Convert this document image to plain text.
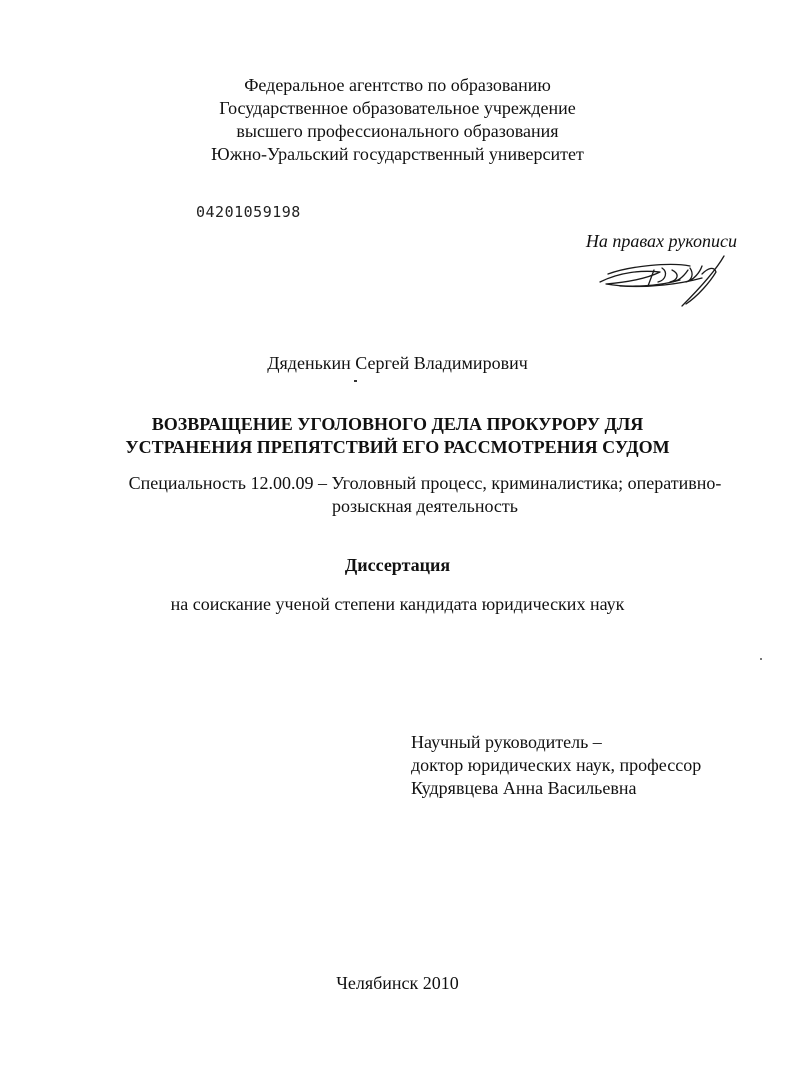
Федеральное агентство по образованию
Государственное образовательное учреждение
высшего профессионального образования
Южно-Уральский государственный университет
04201059198
На правах рукописи
Дяденькин Сергей Владимирович
ВОЗВРАЩЕНИЕ УГОЛОВНОГО ДЕЛА ПРОКУРОРУ ДЛЯ
УСТРАНЕНИЯ ПРЕПЯТСТВИЙ ЕГО РАССМОТРЕНИЯ СУДОМ
Специальность 12.00.09 – Уголовный процесс, криминалистика; оперативно-
розыскная деятельность
Диссертация
на соискание ученой степени кандидата юридических наук
Научный руководитель –
доктор юридических наук, профессор
Кудрявцева Анна Васильевна
Челябинск 2010
